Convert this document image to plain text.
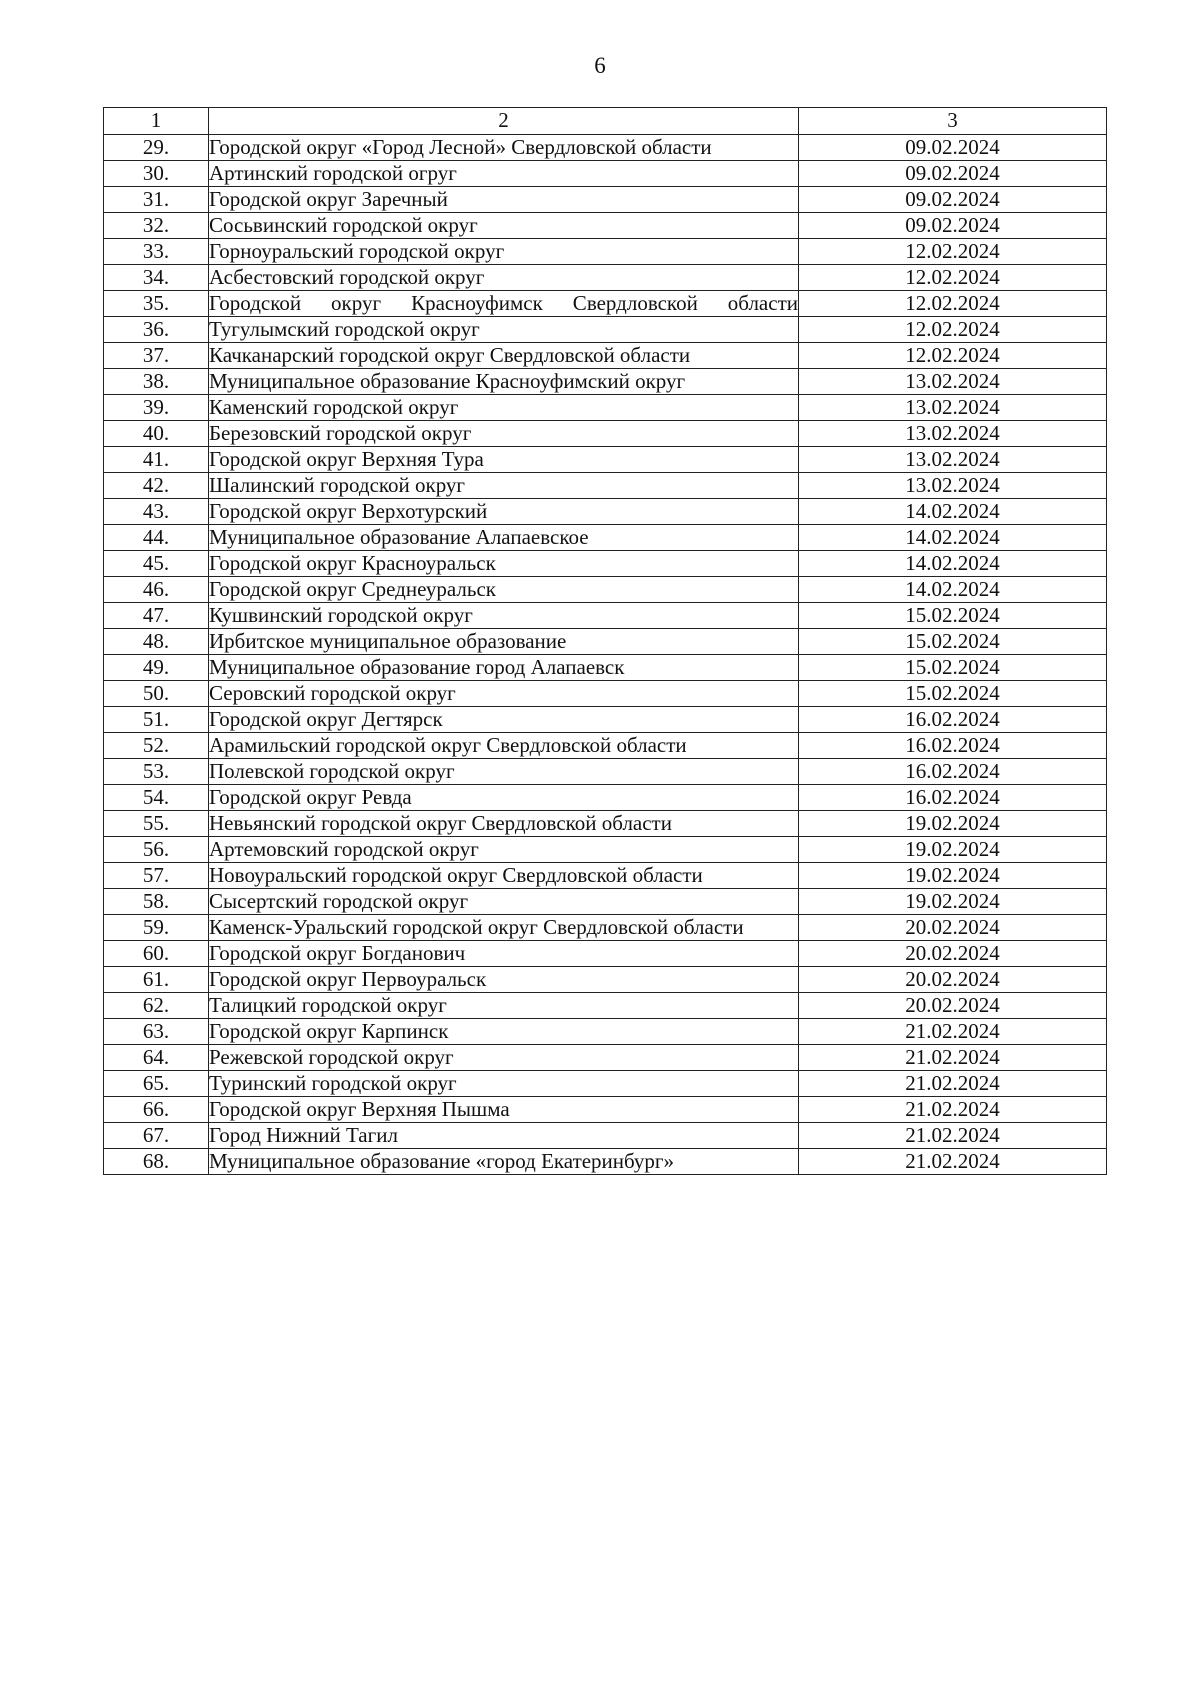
6
1	2	3
29.	Городской округ «Город Лесной» Свердловской области	09.02.2024
30.	Артинский городской огруг	09.02.2024
31.	Городской округ Заречный	09.02.2024
32.	Сосьвинский городской округ	09.02.2024
33.	Горноуральский городской округ	12.02.2024
34.	Асбестовский городской округ	12.02.2024
35.	Городской округ Красноуфимск Свердловской области	12.02.2024
36.	Тугулымский городской округ	12.02.2024
37.	Качканарский городской округ Свердловской области	12.02.2024
38.	Муниципальное образование Красноуфимский округ	13.02.2024
39.	Каменский городской округ	13.02.2024
40.	Березовский городской округ	13.02.2024
41.	Городской округ Верхняя Тура	13.02.2024
42.	Шалинский городской округ	13.02.2024
43.	Городской округ Верхотурский	14.02.2024
44.	Муниципальное образование Алапаевское	14.02.2024
45.	Городской округ Красноуральск	14.02.2024
46.	Городской округ Среднеуральск	14.02.2024
47.	Кушвинский городской округ	15.02.2024
48.	Ирбитское муниципальное образование	15.02.2024
49.	Муниципальное образование город Алапаевск	15.02.2024
50.	Серовский городской округ	15.02.2024
51.	Городской округ Дегтярск	16.02.2024
52.	Арамильский городской округ Свердловской области	16.02.2024
53.	Полевской городской округ	16.02.2024
54.	Городской округ Ревда	16.02.2024
55.	Невьянский городской округ Свердловской области	19.02.2024
56.	Артемовский городской округ	19.02.2024
57.	Новоуральский городской округ Свердловской области	19.02.2024
58.	Сысертский городской округ	19.02.2024
59.	Каменск-Уральский городской округ Свердловской области	20.02.2024
60.	Городской округ Богданович	20.02.2024
61.	Городской округ Первоуральск	20.02.2024
62.	Талицкий городской округ	20.02.2024
63.	Городской округ Карпинск	21.02.2024
64.	Режевской городской округ	21.02.2024
65.	Туринский городской округ	21.02.2024
66.	Городской округ Верхняя Пышма	21.02.2024
67.	Город Нижний Тагил	21.02.2024
68.	Муниципальное образование «город Екатеринбург»	21.02.2024
